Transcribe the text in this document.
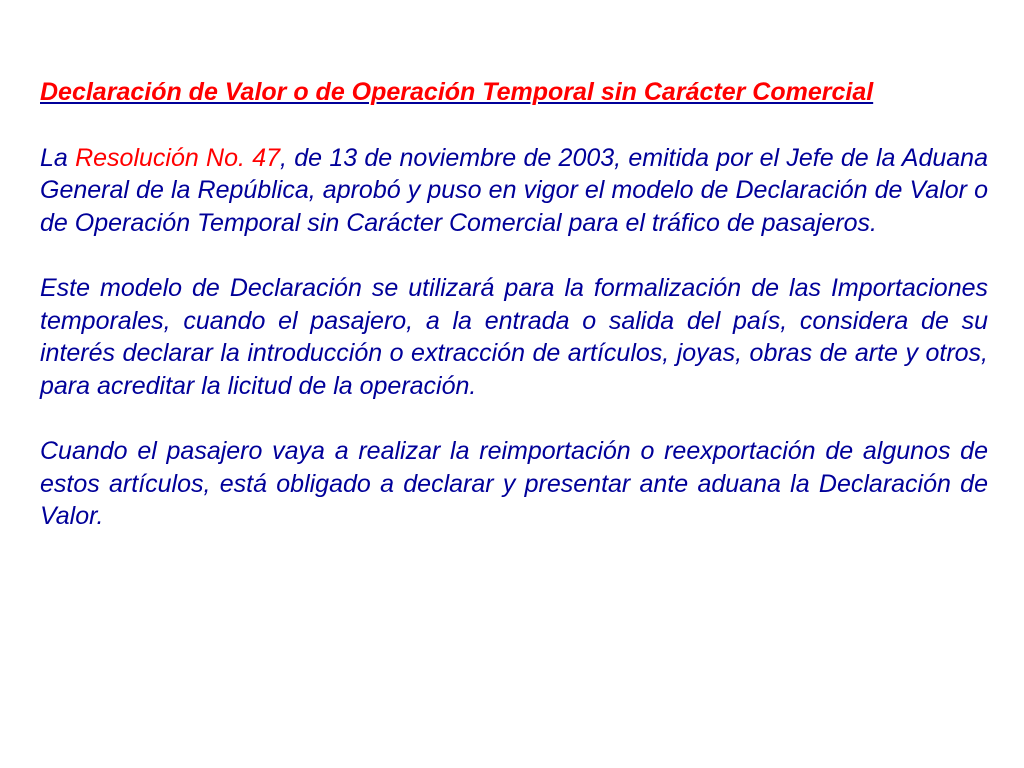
Declaración de Valor o de Operación Temporal sin Carácter Comercial

La Resolución No. 47, de 13 de noviembre de 2003, emitida por el Jefe de la Aduana General de la República, aprobó y puso en vigor el modelo de Declaración de Valor o de Operación Temporal sin Carácter Comercial para el tráfico de pasajeros.

Este modelo de Declaración se utilizará para la formalización de las Importaciones temporales, cuando el pasajero, a la entrada o salida del país, considera de su interés declarar la introducción o extracción de artículos, joyas, obras de arte y otros, para acreditar la licitud de la operación.

Cuando el pasajero vaya a realizar la reimportación o reexportación de algunos de estos artículos, está obligado a declarar y presentar ante aduana la Declaración de Valor.
